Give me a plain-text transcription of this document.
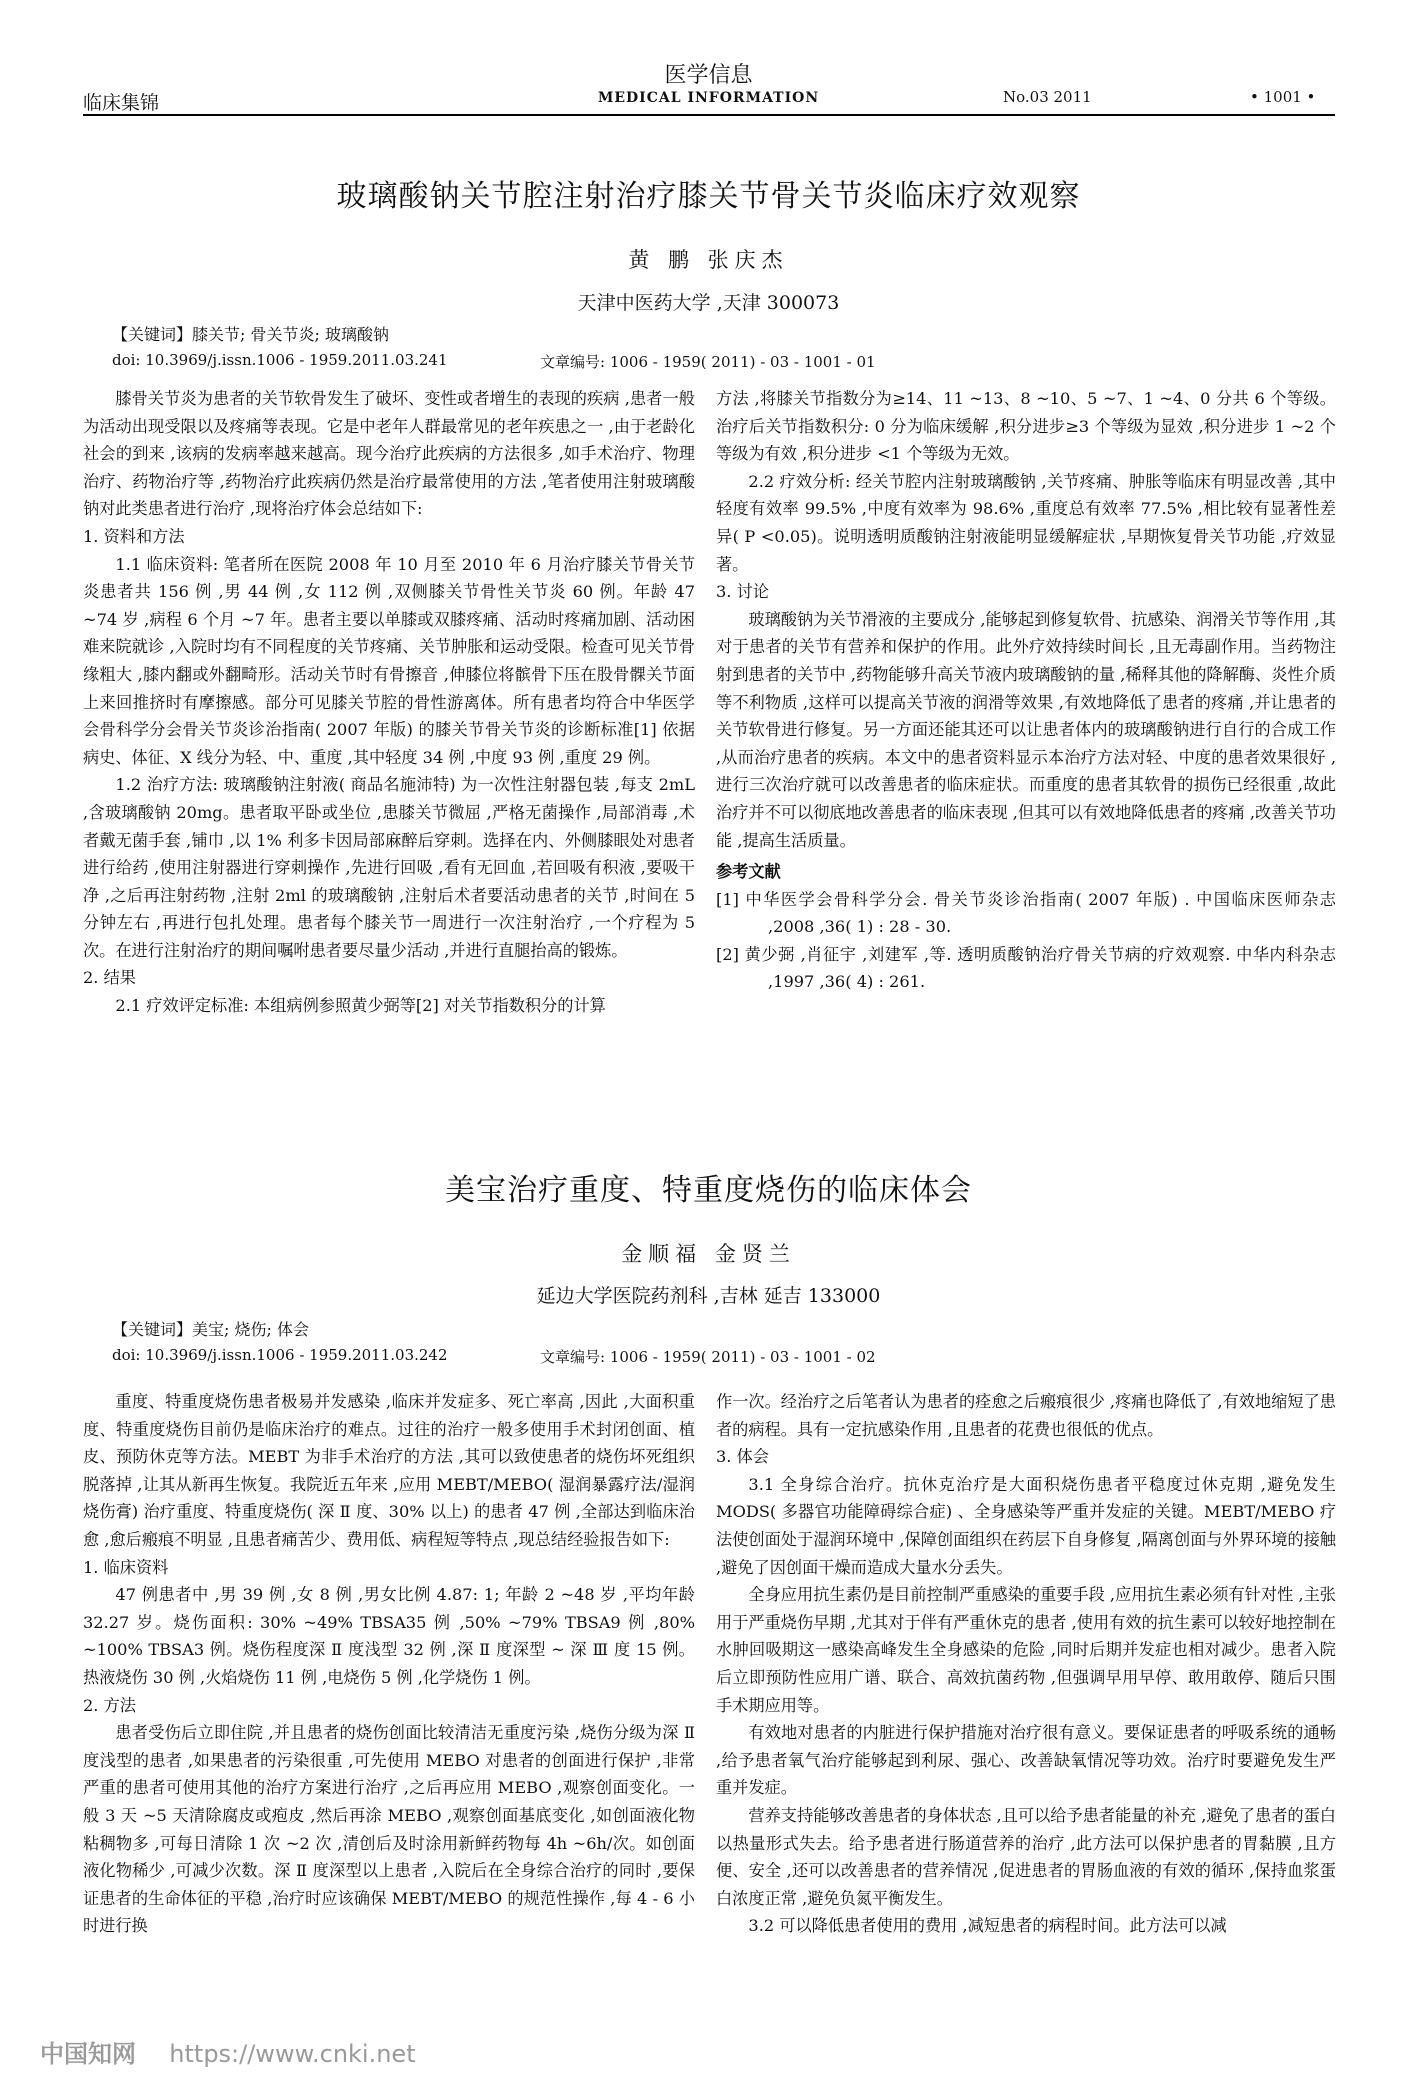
医学信息
MEDICAL INFORMATION
临床集锦	No.03 2011	• 1001 •
玻璃酸钠关节腔注射治疗膝关节骨关节炎临床疗效观察
黄 鹏 张庆杰
天津中医药大学 ,天津 300073
【关键词】膝关节; 骨关节炎; 玻璃酸钠
doi: 10.3969/j.issn.1006 - 1959.2011.03.241	文章编号: 1006 - 1959( 2011) - 03 - 1001 - 01

膝骨关节炎为患者的关节软骨发生了破坏、变性或者增生的表现的疾病 ,患者一般为活动出现受限以及疼痛等表现。它是中老年人群最常见的老年疾患之一 ,由于老龄化社会的到来 ,该病的发病率越来越高。现今治疗此疾病的方法很多 ,如手术治疗、物理治疗、药物治疗等 ,药物治疗此疾病仍然是治疗最常使用的方法 ,笔者使用注射玻璃酸钠对此类患者进行治疗 ,现将治疗体会总结如下:

1. 资料和方法

1.1 临床资料: 笔者所在医院 2008 年 10 月至 2010 年 6 月治疗膝关节骨关节炎患者共 156 例 ,男 44 例 ,女 112 例 ,双侧膝关节骨性关节炎 60 例。年龄 47 ~74 岁 ,病程 6 个月 ~7 年。患者主要以单膝或双膝疼痛、活动时疼痛加剧、活动困难来院就诊 ,入院时均有不同程度的关节疼痛、关节肿胀和运动受限。检查可见关节骨缘粗大 ,膝内翻或外翻畸形。活动关节时有骨擦音 ,伸膝位将髌骨下压在股骨髁关节面上来回推挤时有摩擦感。部分可见膝关节腔的骨性游离体。所有患者均符合中华医学会骨科学分会骨关节炎诊治指南( 2007 年版) 的膝关节骨关节炎的诊断标准[1] 依据病史、体征、X 线分为轻、中、重度 ,其中轻度 34 例 ,中度 93 例 ,重度 29 例。

1.2 治疗方法: 玻璃酸钠注射液( 商品名施沛特) 为一次性注射器包装 ,每支 2mL ,含玻璃酸钠 20mg。患者取平卧或坐位 ,患膝关节微屈 ,严格无菌操作 ,局部消毒 ,术者戴无菌手套 ,铺巾 ,以 1% 利多卡因局部麻醉后穿刺。选择在内、外侧膝眼处对患者进行给药 ,使用注射器进行穿刺操作 ,先进行回吸 ,看有无回血 ,若回吸有积液 ,要吸干净 ,之后再注射药物 ,注射 2ml 的玻璃酸钠 ,注射后术者要活动患者的关节 ,时间在 5 分钟左右 ,再进行包扎处理。患者每个膝关节一周进行一次注射治疗 ,一个疗程为 5 次。在进行注射治疗的期间嘱咐患者要尽量少活动 ,并进行直腿抬高的锻炼。

2. 结果

2.1 疗效评定标准: 本组病例参照黄少弼等[2] 对关节指数积分的计算

方法 ,将膝关节指数分为≥14、11 ~13、8 ~10、5 ~7、1 ~4、0 分共 6 个等级。治疗后关节指数积分: 0 分为临床缓解 ,积分进步≥3 个等级为显效 ,积分进步 1 ~2 个等级为有效 ,积分进步 <1 个等级为无效。

2.2 疗效分析: 经关节腔内注射玻璃酸钠 ,关节疼痛、肿胀等临床有明显改善 ,其中轻度有效率 99.5% ,中度有效率为 98.6% ,重度总有效率 77.5% ,相比较有显著性差异( P <0.05)。说明透明质酸钠注射液能明显缓解症状 ,早期恢复骨关节功能 ,疗效显著。

3. 讨论

玻璃酸钠为关节滑液的主要成分 ,能够起到修复软骨、抗感染、润滑关节等作用 ,其对于患者的关节有营养和保护的作用。此外疗效持续时间长 ,且无毒副作用。当药物注射到患者的关节中 ,药物能够升高关节液内玻璃酸钠的量 ,稀释其他的降解酶、炎性介质等不利物质 ,这样可以提高关节液的润滑等效果 ,有效地降低了患者的疼痛 ,并让患者的关节软骨进行修复。另一方面还能其还可以让患者体内的玻璃酸钠进行自行的合成工作 ,从而治疗患者的疾病。本文中的患者资料显示本治疗方法对轻、中度的患者效果很好 ,进行三次治疗就可以改善患者的临床症状。而重度的患者其软骨的损伤已经很重 ,故此治疗并不可以彻底地改善患者的临床表现 ,但其可以有效地降低患者的疼痛 ,改善关节功能 ,提高生活质量。

参考文献

[1] 中华医学会骨科学分会. 骨关节炎诊治指南( 2007 年版) . 中国临床医师杂志 ,2008 ,36( 1) : 28 - 30.

[2] 黄少弼 ,肖征宇 ,刘建军 ,等. 透明质酸钠治疗骨关节病的疗效观察. 中华内科杂志 ,1997 ,36( 4) : 261.

美宝治疗重度、特重度烧伤的临床体会
金顺福 金贤兰
延边大学医院药剂科 ,吉林 延吉 133000
【关键词】美宝; 烧伤; 体会
doi: 10.3969/j.issn.1006 - 1959.2011.03.242	文章编号: 1006 - 1959( 2011) - 03 - 1001 - 02

重度、特重度烧伤患者极易并发感染 ,临床并发症多、死亡率高 ,因此 ,大面积重度、特重度烧伤目前仍是临床治疗的难点。过往的治疗一般多使用手术封闭创面、植皮、预防休克等方法。MEBT 为非手术治疗的方法 ,其可以致使患者的烧伤坏死组织脱落掉 ,让其从新再生恢复。我院近五年来 ,应用 MEBT/MEBO( 湿润暴露疗法/湿润烧伤膏) 治疗重度、特重度烧伤( 深 Ⅱ 度、30% 以上) 的患者 47 例 ,全部达到临床治愈 ,愈后瘢痕不明显 ,且患者痛苦少、费用低、病程短等特点 ,现总结经验报告如下:

1. 临床资料

47 例患者中 ,男 39 例 ,女 8 例 ,男女比例 4.87: 1; 年龄 2 ~48 岁 ,平均年龄 32.27 岁。烧伤面积: 30% ~49% TBSA35 例 ,50% ~79% TBSA9 例 ,80% ~100% TBSA3 例。烧伤程度深 Ⅱ 度浅型 32 例 ,深 Ⅱ 度深型 ~ 深 Ⅲ 度 15 例。热液烧伤 30 例 ,火焰烧伤 11 例 ,电烧伤 5 例 ,化学烧伤 1 例。

2. 方法

患者受伤后立即住院 ,并且患者的烧伤创面比较清洁无重度污染 ,烧伤分级为深 Ⅱ 度浅型的患者 ,如果患者的污染很重 ,可先使用 MEBO 对患者的创面进行保护 ,非常严重的患者可使用其他的治疗方案进行治疗 ,之后再应用 MEBO ,观察创面变化。一般 3 天 ~5 天清除腐皮或疱皮 ,然后再涂 MEBO ,观察创面基底变化 ,如创面液化物粘稠物多 ,可每日清除 1 次 ~2 次 ,清创后及时涂用新鲜药物每 4h ~6h/次。如创面液化物稀少 ,可减少次数。深 Ⅱ 度深型以上患者 ,入院后在全身综合治疗的同时 ,要保证患者的生命体征的平稳 ,治疗时应该确保 MEBT/MEBO 的规范性操作 ,每 4 - 6 小时进行换

作一次。经治疗之后笔者认为患者的痊愈之后瘢痕很少 ,疼痛也降低了 ,有效地缩短了患者的病程。具有一定抗感染作用 ,且患者的花费也很低的优点。

3. 体会

3.1 全身综合治疗。抗休克治疗是大面积烧伤患者平稳度过休克期 ,避免发生 MODS( 多器官功能障碍综合症) 、全身感染等严重并发症的关键。MEBT/MEBO 疗法使创面处于湿润环境中 ,保障创面组织在药层下自身修复 ,隔离创面与外界环境的接触 ,避免了因创面干燥而造成大量水分丢失。

全身应用抗生素仍是目前控制严重感染的重要手段 ,应用抗生素必须有针对性 ,主张用于严重烧伤早期 ,尤其对于伴有严重休克的患者 ,使用有效的抗生素可以较好地控制在水肿回吸期这一感染高峰发生全身感染的危险 ,同时后期并发症也相对减少。患者入院后立即预防性应用广谱、联合、高效抗菌药物 ,但强调早用早停、敢用敢停、随后只围手术期应用等。

有效地对患者的内脏进行保护措施对治疗很有意义。要保证患者的呼吸系统的通畅 ,给予患者氧气治疗能够起到利尿、强心、改善缺氧情况等功效。治疗时要避免发生严重并发症。

营养支持能够改善患者的身体状态 ,且可以给予患者能量的补充 ,避免了患者的蛋白以热量形式失去。给予患者进行肠道营养的治疗 ,此方法可以保护患者的胃黏膜 ,且方便、安全 ,还可以改善患者的营养情况 ,促进患者的胃肠血液的有效的循环 ,保持血浆蛋白浓度正常 ,避免负氮平衡发生。

3.2 可以降低患者使用的费用 ,减短患者的病程时间。此方法可以减

中国知网 https://www.cnki.net
